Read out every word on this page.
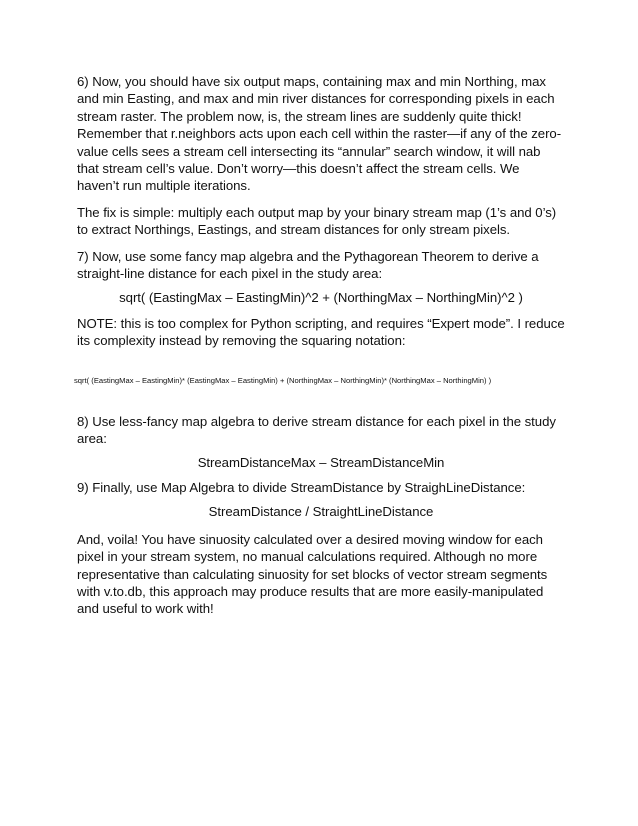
6) Now, you should have six output maps, containing max and min Northing, max and min Easting, and max and min river distances for corresponding pixels in each stream raster. The problem now, is, the stream lines are suddenly quite thick! Remember that r.neighbors acts upon each cell within the raster—if any of the zero-value cells sees a stream cell intersecting its “annular” search window, it will nab that stream cell’s value. Don’t worry—this doesn’t affect the stream cells. We haven’t run multiple iterations.

The fix is simple: multiply each output map by your binary stream map (1’s and 0’s) to extract Northings, Eastings, and stream distances for only stream pixels.

7) Now, use some fancy map algebra and the Pythagorean Theorem to derive a straight-line distance for each pixel in the study area:

sqrt( (EastingMax – EastingMin)^2 + (NorthingMax – NorthingMin)^2 )

NOTE: this is too complex for Python scripting, and requires “Expert mode”. I reduce its complexity instead by removing the squaring notation:

sqrt( (EastingMax – EastingMin)* (EastingMax – EastingMin) + (NorthingMax – NorthingMin)* (NorthingMax – NorthingMin) )

8) Use less-fancy map algebra to derive stream distance for each pixel in the study area:

StreamDistanceMax – StreamDistanceMin

9) Finally, use Map Algebra to divide StreamDistance by StraighLineDistance:

StreamDistance / StraightLineDistance

And, voila! You have sinuosity calculated over a desired moving window for each pixel in your stream system, no manual calculations required. Although no more representative than calculating sinuosity for set blocks of vector stream segments with v.to.db, this approach may produce results that are more easily-manipulated and useful to work with!
